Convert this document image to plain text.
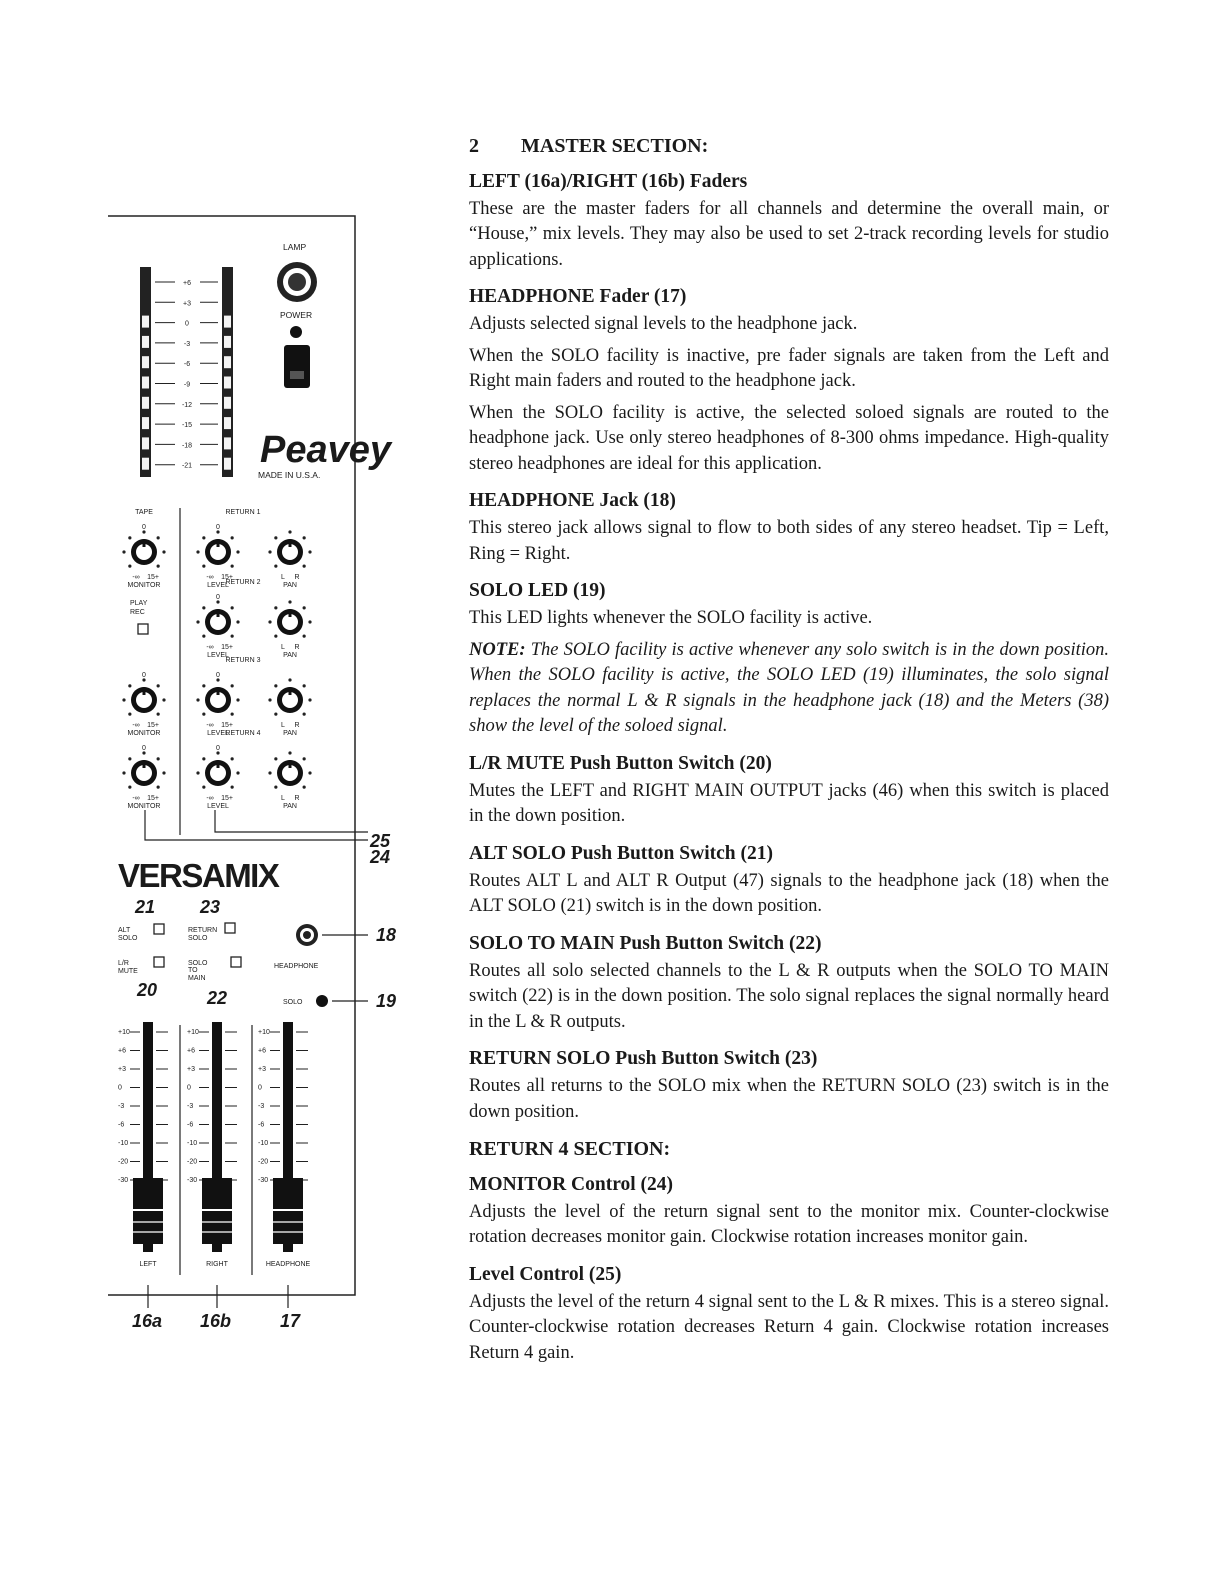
+6
+3
0
-3
-6
-9
-12
-15
-18
-21
LAMP
POWER
Peavey
MADE IN U.S.A.
TAPE	RETURN 1
0
-∞ 15+
MONITOR
0
-∞ 15+
LEVEL
L R
PAN
RETURN 2
0
-∞ 15+
LEVEL
L R
PAN
RETURN 3
0
-∞ 15+
MONITOR
0
-∞ 15+
LEVEL
L R
PAN
RETURN 4
0
-∞ 15+
MONITOR
0
-∞ 15+
LEVEL
L R
PAN
PLAY
REC
25
24
VERSAMIX
21 23
ALT
SOLO
RETURN
SOLO
L/R
MUTE
SOLO
TO
MAIN
20	22
18
HEADPHONE
SOLO	19
+10
+6
+3
0
-3
-6
-10
-20
-30
LEFT
+10
+6
+3
0
-3
-6
-10
-20
-30
RIGHT
+10
+6
+3
0
-3
-6
-10
-20
-30
HEADPHONE
16a 16b	17
2 MASTER SECTION:
LEFT (16a)/RIGHT (16b) Faders

These are the master faders for all channels and determine the overall main, or “House,” mix levels. They may also be used to set 2-track recording levels for studio applications.

HEADPHONE Fader (17)

Adjusts selected signal levels to the headphone jack.

When the SOLO facility is inactive, pre fader signals are taken from the Left and Right main faders and routed to the headphone jack.

When the SOLO facility is active, the selected soloed signals are routed to the headphone jack. Use only stereo headphones of 8-300 ohms impedance. High-quality stereo headphones are ideal for this application.

HEADPHONE Jack (18)

This stereo jack allows signal to flow to both sides of any stereo headset. Tip = Left, Ring = Right.

SOLO LED (19)

This LED lights whenever the SOLO facility is active.

NOTE: The SOLO facility is active whenever any solo switch is in the down position. When the SOLO facility is active, the SOLO LED (19) illuminates, the solo signal replaces the normal L & R signals in the headphone jack (18) and the Meters (38) show the level of the soloed signal.

L/R MUTE Push Button Switch (20)

Mutes the LEFT and RIGHT MAIN OUTPUT jacks (46) when this switch is placed in the down position.

ALT SOLO Push Button Switch (21)

Routes ALT L and ALT R Output (47) signals to the headphone jack (18) when the ALT SOLO (21) switch is in the down position.

SOLO TO MAIN Push Button Switch (22)

Routes all solo selected channels to the L & R outputs when the SOLO TO MAIN switch (22) is in the down position. The solo signal replaces the signal normally heard in the L & R outputs.

RETURN SOLO Push Button Switch (23)

Routes all returns to the SOLO mix when the RETURN SOLO (23) switch is in the down position.

RETURN 4 SECTION:
MONITOR Control (24)

Adjusts the level of the return signal sent to the monitor mix. Counter-clockwise rotation decreases monitor gain. Clockwise rotation increases monitor gain.

Level Control (25)

Adjusts the level of the return 4 signal sent to the L & R mixes. This is a stereo signal. Counter-clockwise rotation decreases Return 4 gain. Clockwise rotation increases Return 4 gain.
